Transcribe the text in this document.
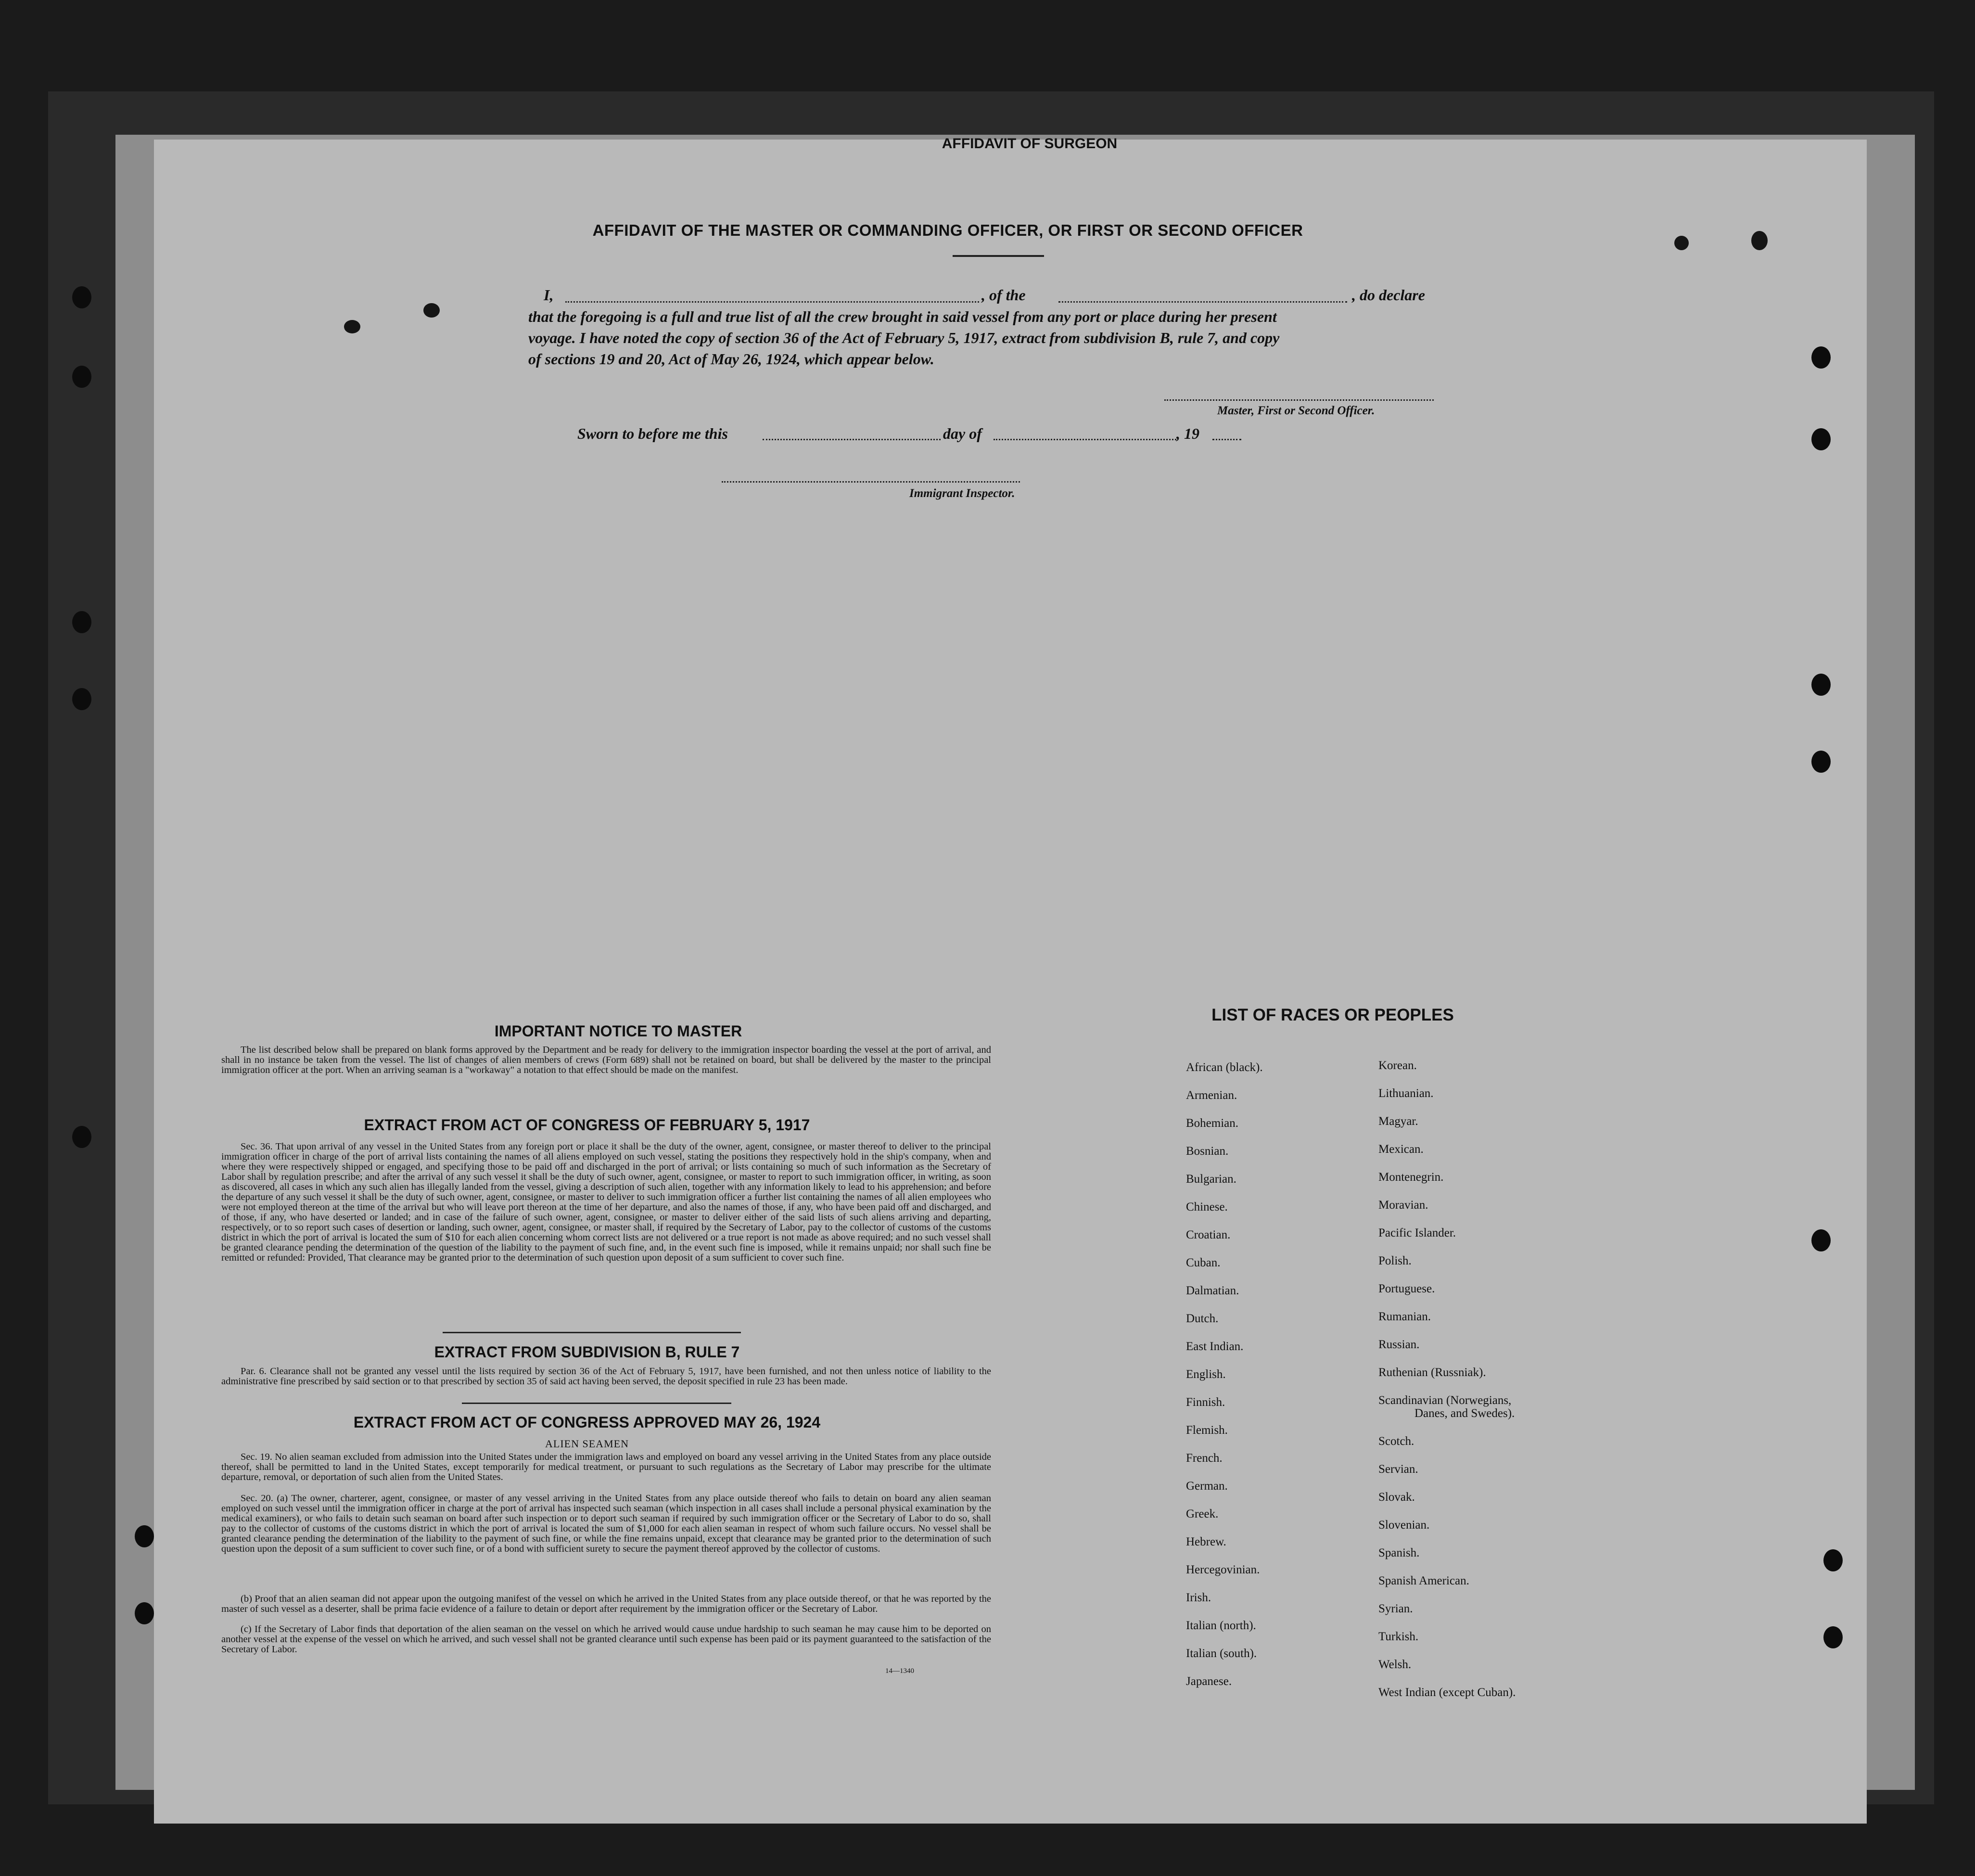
AFFIDAVIT OF SURGEON
AFFIDAVIT OF THE MASTER OR COMMANDING OFFICER, OR FIRST OR SECOND OFFICER
I,	, of the	, do declare
that the foregoing is a full and true list of all the crew brought in said vessel from any port or place during her present
voyage. I have noted the copy of section 36 of the Act of February 5, 1917, extract from subdivision B, rule 7, and copy
of sections 19 and 20, Act of May 26, 1924, which appear below.
Master, First or Second Officer.
Sworn to before me this	day of	, 19
Immigrant Inspector.
IMPORTANT NOTICE TO MASTER
The list described below shall be prepared on blank forms approved by the Department and be ready for delivery to the immigration inspector boarding the vessel at the port of arrival, and shall in no instance be taken from the vessel. The list of changes of alien members of crews (Form 689) shall not be retained on board, but shall be delivered by the master to the principal immigration officer at the port. When an arriving seaman is a "workaway" a notation to that effect should be made on the manifest.
EXTRACT FROM ACT OF CONGRESS OF FEBRUARY 5, 1917
Sec. 36. That upon arrival of any vessel in the United States from any foreign port or place it shall be the duty of the owner, agent, consignee, or master thereof to deliver to the principal immigration officer in charge of the port of arrival lists containing the names of all aliens employed on such vessel, stating the positions they respectively hold in the ship's company, when and where they were respectively shipped or engaged, and specifying those to be paid off and discharged in the port of arrival; or lists containing so much of such information as the Secretary of Labor shall by regulation prescribe; and after the arrival of any such vessel it shall be the duty of such owner, agent, consignee, or master to report to such immigration officer, in writing, as soon as discovered, all cases in which any such alien has illegally landed from the vessel, giving a description of such alien, together with any information likely to lead to his apprehension; and before the departure of any such vessel it shall be the duty of such owner, agent, consignee, or master to deliver to such immigration officer a further list containing the names of all alien employees who were not employed thereon at the time of the arrival but who will leave port thereon at the time of her departure, and also the names of those, if any, who have been paid off and discharged, and of those, if any, who have deserted or landed; and in case of the failure of such owner, agent, consignee, or master to deliver either of the said lists of such aliens arriving and departing, respectively, or to so report such cases of desertion or landing, such owner, agent, consignee, or master shall, if required by the Secretary of Labor, pay to the collector of customs of the customs district in which the port of arrival is located the sum of $10 for each alien concerning whom correct lists are not delivered or a true report is not made as above required; and no such vessel shall be granted clearance pending the determination of the question of the liability to the payment of such fine, and, in the event such fine is imposed, while it remains unpaid; nor shall such fine be remitted or refunded: Provided, That clearance may be granted prior to the determination of such question upon deposit of a sum sufficient to cover such fine.
EXTRACT FROM SUBDIVISION B, RULE 7
Par. 6. Clearance shall not be granted any vessel until the lists required by section 36 of the Act of February 5, 1917, have been furnished, and not then unless notice of liability to the administrative fine prescribed by said section or to that prescribed by section 35 of said act having been served, the deposit specified in rule 23 has been made.
EXTRACT FROM ACT OF CONGRESS APPROVED MAY 26, 1924
ALIEN SEAMEN
Sec. 19. No alien seaman excluded from admission into the United States under the immigration laws and employed on board any vessel arriving in the United States from any place outside thereof, shall be permitted to land in the United States, except temporarily for medical treatment, or pursuant to such regulations as the Secretary of Labor may prescribe for the ultimate departure, removal, or deportation of such alien from the United States.
Sec. 20. (a) The owner, charterer, agent, consignee, or master of any vessel arriving in the United States from any place outside thereof who fails to detain on board any alien seaman employed on such vessel until the immigration officer in charge at the port of arrival has inspected such seaman (which inspection in all cases shall include a personal physical examination by the medical examiners), or who fails to detain such seaman on board after such inspection or to deport such seaman if required by such immigration officer or the Secretary of Labor to do so, shall pay to the collector of customs of the customs district in which the port of arrival is located the sum of $1,000 for each alien seaman in respect of whom such failure occurs. No vessel shall be granted clearance pending the determination of the liability to the payment of such fine, or while the fine remains unpaid, except that clearance may be granted prior to the determination of such question upon the deposit of a sum sufficient to cover such fine, or of a bond with sufficient surety to secure the payment thereof approved by the collector of customs.
(b) Proof that an alien seaman did not appear upon the outgoing manifest of the vessel on which he arrived in the United States from any place outside thereof, or that he was reported by the master of such vessel as a deserter, shall be prima facie evidence of a failure to detain or deport after requirement by the immigration officer or the Secretary of Labor.
(c) If the Secretary of Labor finds that deportation of the alien seaman on the vessel on which he arrived would cause undue hardship to such seaman he may cause him to be deported on another vessel at the expense of the vessel on which he arrived, and such vessel shall not be granted clearance until such expense has been paid or its payment guaranteed to the satisfaction of the Secretary of Labor.
14—1340
LIST OF RACES OR PEOPLES
African (black).
Armenian.
Bohemian.
Bosnian.
Bulgarian.
Chinese.
Croatian.
Cuban.
Dalmatian.
Dutch.
East Indian.
English.
Finnish.
Flemish.
French.
German.
Greek.
Hebrew.
Hercegovinian.
Irish.
Italian (north).
Italian (south).
Japanese.
Korean.
Lithuanian.
Magyar.
Mexican.
Montenegrin.
Moravian.
Pacific Islander.
Polish.
Portuguese.
Rumanian.
Russian.
Ruthenian (Russniak).
Scandinavian (Norwegians,
Danes, and Swedes).
Scotch.
Servian.
Slovak.
Slovenian.
Spanish.
Spanish American.
Syrian.
Turkish.
Welsh.
West Indian (except Cuban).
